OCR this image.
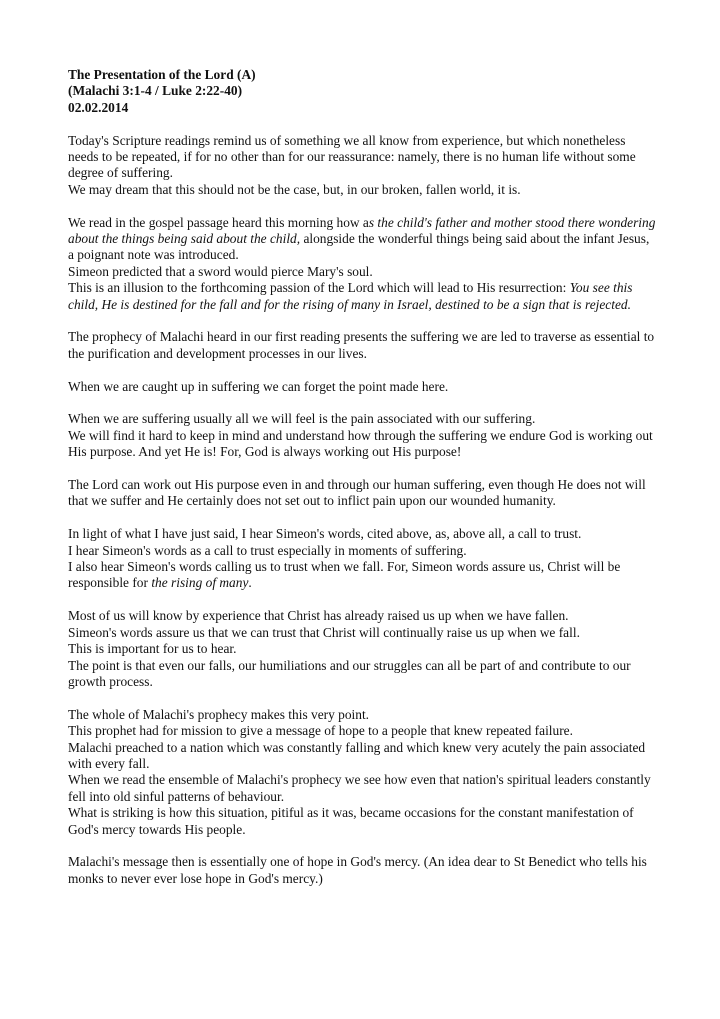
The Presentation of the Lord (A)
(Malachi 3:1-4 / Luke 2:22-40)
02.02.2014

Today's Scripture readings remind us of something we all know from experience, but which nonetheless needs to be repeated, if for no other than for our reassurance: namely, there is no human life without some degree of suffering.

We may dream that this should not be the case, but, in our broken, fallen world, it is.

We read in the gospel passage heard this morning how as the child's father and mother stood there wondering about the things being said about the child, alongside the wonderful things being said about the infant Jesus, a poignant note was introduced.

Simeon predicted that a sword would pierce Mary's soul.

This is an illusion to the forthcoming passion of the Lord which will lead to His resurrection: You see this child, He is destined for the fall and for the rising of many in Israel, destined to be a sign that is rejected.

The prophecy of Malachi heard in our first reading presents the suffering we are led to traverse as essential to the purification and development processes in our lives.

When we are caught up in suffering we can forget the point made here.

When we are suffering usually all we will feel is the pain associated with our suffering.

We will find it hard to keep in mind and understand how through the suffering we endure God is working out His purpose. And yet He is! For, God is always working out His purpose!

The Lord can work out His purpose even in and through our human suffering, even though He does not will that we suffer and He certainly does not set out to inflict pain upon our wounded humanity.

In light of what I have just said, I hear Simeon's words, cited above, as, above all, a call to trust.

I hear Simeon's words as a call to trust especially in moments of suffering.

I also hear Simeon's words calling us to trust when we fall. For, Simeon words assure us, Christ will be responsible for the rising of many.

Most of us will know by experience that Christ has already raised us up when we have fallen.

Simeon's words assure us that we can trust that Christ will continually raise us up when we fall.

This is important for us to hear.

The point is that even our falls, our humiliations and our struggles can all be part of and contribute to our growth process.

The whole of Malachi's prophecy makes this very point.

This prophet had for mission to give a message of hope to a people that knew repeated failure.

Malachi preached to a nation which was constantly falling and which knew very acutely the pain associated with every fall.

When we read the ensemble of Malachi's prophecy we see how even that nation's spiritual leaders constantly fell into old sinful patterns of behaviour.

What is striking is how this situation, pitiful as it was, became occasions for the constant manifestation of God's mercy towards His people.

Malachi's message then is essentially one of hope in God's mercy. (An idea dear to St Benedict who tells his monks to never ever lose hope in God's mercy.)
